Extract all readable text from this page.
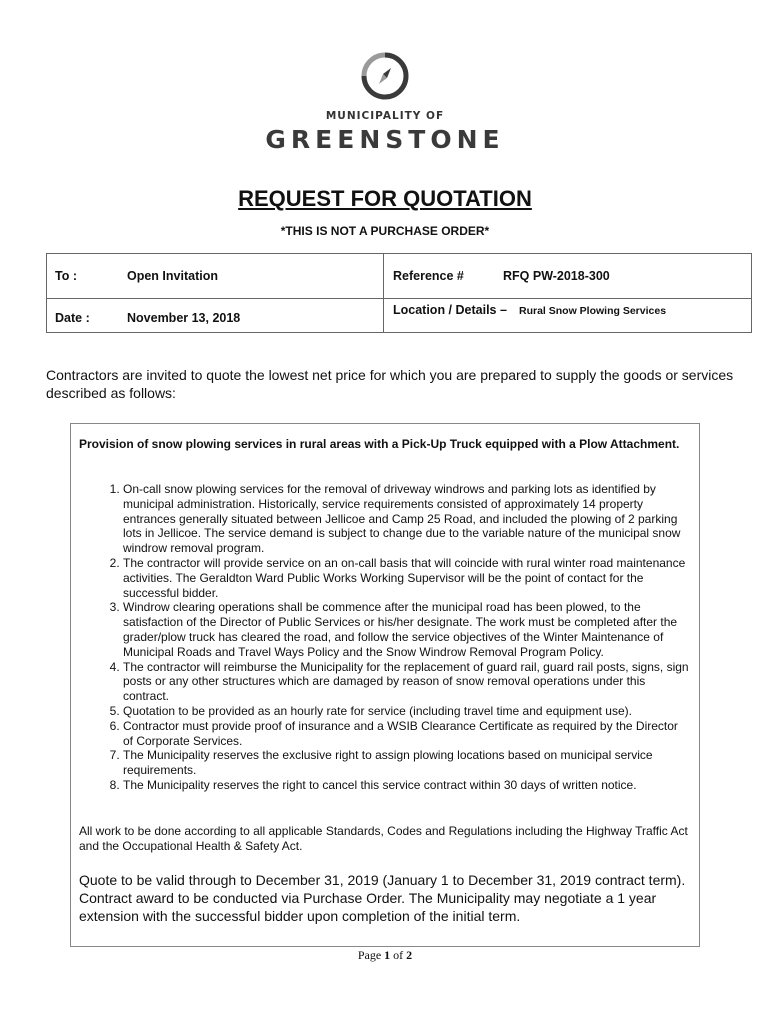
MUNICIPALITY OF
GREENSTONE
REQUEST FOR QUOTATION
*THIS IS NOT A PURCHASE ORDER*
To :	Open Invitation	Reference #	RFQ PW-2018-300
Date :	November 13, 2018
Location / Details – Rural Snow Plowing Services
Contractors are invited to quote the lowest net price for which you are prepared to supply the goods or services described as follows:
Provision of snow plowing services in rural areas with a Pick-Up Truck equipped with a Plow Attachment.
1. On-call snow plowing services for the removal of driveway windrows and parking lots as identified by municipal administration. Historically, service requirements consisted of approximately 14 property entrances generally situated between Jellicoe and Camp 25 Road, and included the plowing of 2 parking lots in Jellicoe. The service demand is subject to change due to the variable nature of the municipal snow windrow removal program.
2. The contractor will provide service on an on-call basis that will coincide with rural winter road maintenance activities. The Geraldton Ward Public Works Working Supervisor will be the point of contact for the successful bidder.
3. Windrow clearing operations shall be commence after the municipal road has been plowed, to the satisfaction of the Director of Public Services or his/her designate. The work must be completed after the grader/plow truck has cleared the road, and follow the service objectives of the Winter Maintenance of Municipal Roads and Travel Ways Policy and the Snow Windrow Removal Program Policy.
4. The contractor will reimburse the Municipality for the replacement of guard rail, guard rail posts, signs, sign posts or any other structures which are damaged by reason of snow removal operations under this contract.
5. Quotation to be provided as an hourly rate for service (including travel time and equipment use).
6. Contractor must provide proof of insurance and a WSIB Clearance Certificate as required by the Director of Corporate Services.
7. The Municipality reserves the exclusive right to assign plowing locations based on municipal service requirements.
8. The Municipality reserves the right to cancel this service contract within 30 days of written notice.
All work to be done according to all applicable Standards, Codes and Regulations including the Highway Traffic Act and the Occupational Health & Safety Act.
Quote to be valid through to December 31, 2019 (January 1 to December 31, 2019 contract term). Contract award to be conducted via Purchase Order. The Municipality may negotiate a 1 year extension with the successful bidder upon completion of the initial term.
Page 1 of 2
